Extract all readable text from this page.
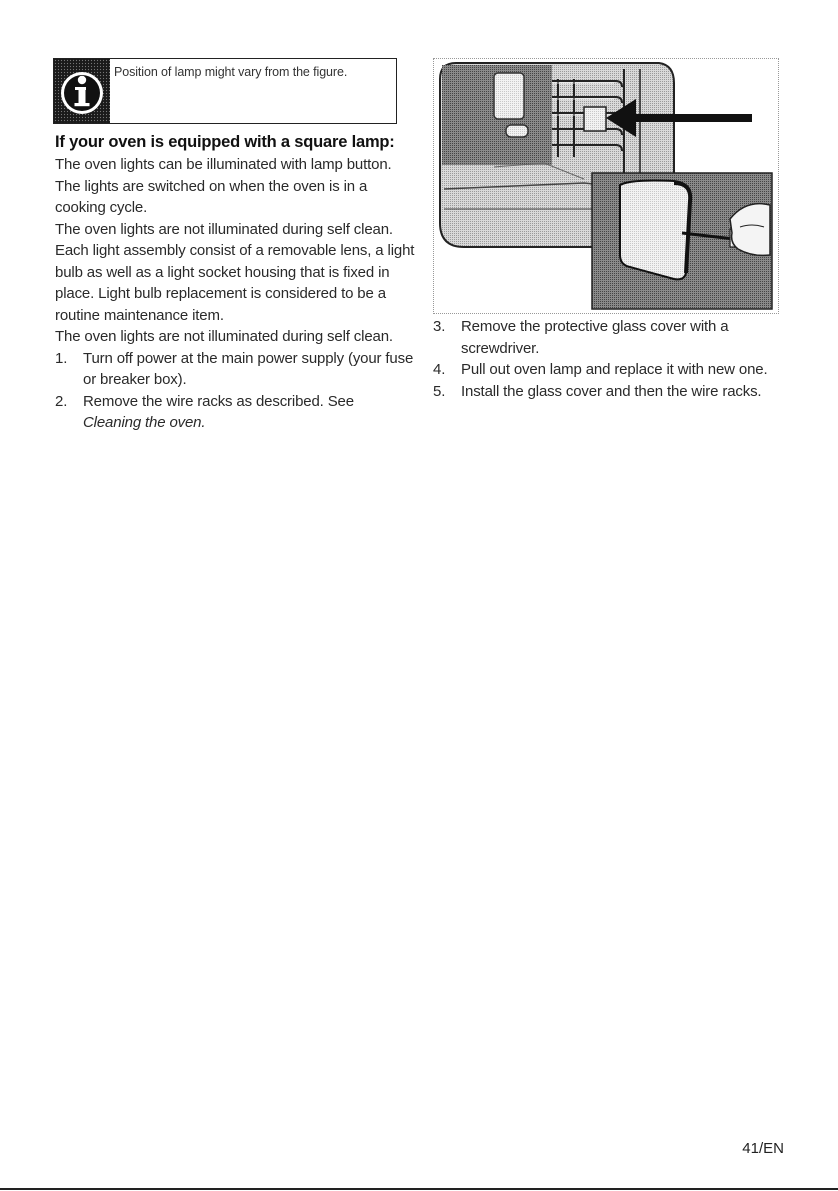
Position of lamp might vary from the figure.
If your oven is equipped with a square lamp:

The oven lights can be illuminated with lamp button. The lights are switched on when the oven is in a cooking cycle.

The oven lights are not illuminated during self clean. Each light assembly consist of a removable lens, a light bulb as well as a light socket housing that is fixed in place. Light bulb replacement is considered to be a routine maintenance item.

The oven lights are not illuminated during self clean.

1. Turn off power at the main power supply (your fuse or breaker box).
2. Remove the wire racks as described. See
Cleaning the oven.
3. Remove the protective glass cover with a screwdriver.
4. Pull out oven lamp and replace it with new one.
5. Install the glass cover and then the wire racks.
41/EN
